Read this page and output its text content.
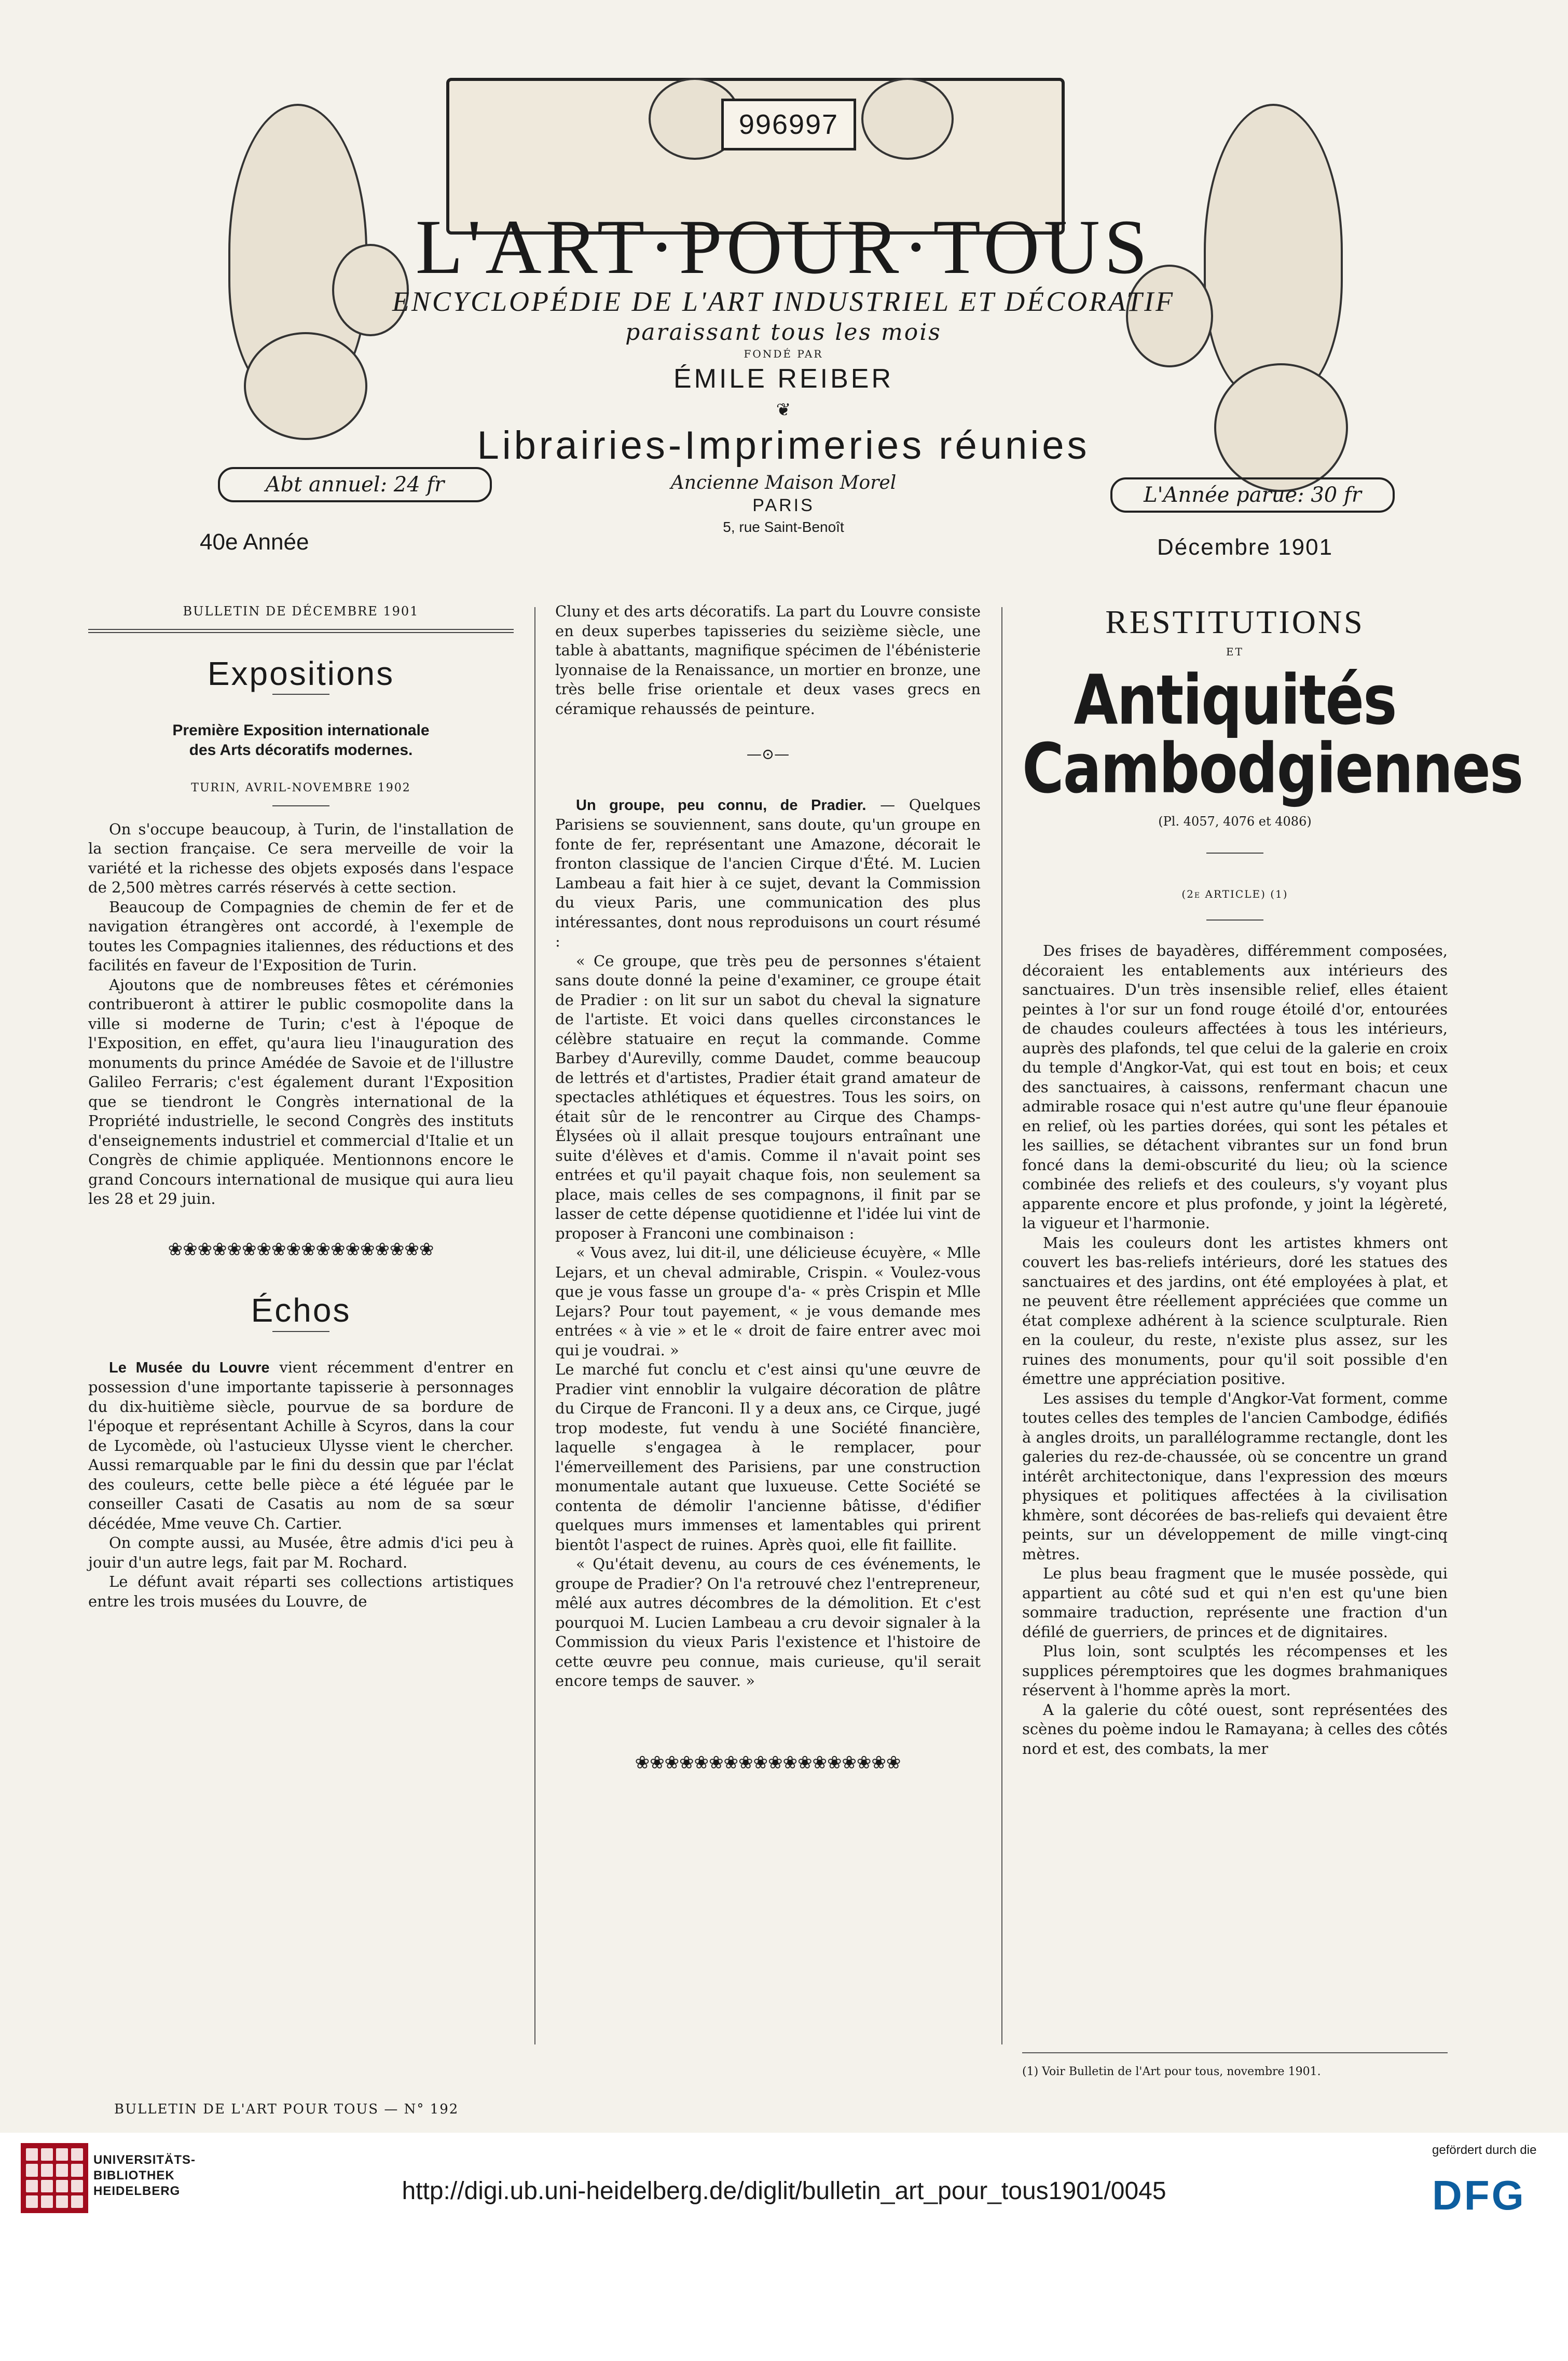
996997
L'ART·POUR·TOUS
ENCYCLOPÉDIE DE L'ART INDUSTRIEL ET DÉCORATIF
paraissant tous les mois
FONDÉ PAR
ÉMILE REIBER
❦
Librairies-Imprimeries réunies
Ancienne Maison Morel
PARIS
5, rue Saint-Benoît
Abt annuel: 24 fr	L'Année parue: 30 fr
40e Année	Décembre 1901

BULLETIN DE DÉCEMBRE 1901

Expositions

Première Exposition internationale

des Arts décoratifs modernes.

TURIN, AVRIL-NOVEMBRE 1902

On s'occupe beaucoup, à Turin, de l'installation de la section française. Ce sera merveille de voir la variété et la richesse des objets exposés dans l'espace de 2,500 mètres carrés réservés à cette section.

Beaucoup de Compagnies de chemin de fer et de navigation étrangères ont accordé, à l'exemple de toutes les Compagnies italiennes, des réductions et des facilités en faveur de l'Exposition de Turin.

Ajoutons que de nombreuses fêtes et cérémonies contribueront à attirer le public cosmopolite dans la ville si moderne de Turin; c'est à l'époque de l'Exposition, en effet, qu'aura lieu l'inauguration des monuments du prince Amédée de Savoie et de l'illustre Galileo Ferraris; c'est également durant l'Exposition que se tiendront le Congrès international de la Propriété industrielle, le second Congrès des instituts d'enseignements industriel et commercial d'Italie et un Congrès de chimie appliquée. Mentionnons encore le grand Concours international de musique qui aura lieu les 28 et 29 juin.

❀❀❀❀❀❀❀❀❀❀❀❀❀❀❀❀❀❀
Échos

Le Musée du Louvre vient récemment d'entrer en possession d'une importante tapisserie à personnages du dix-huitième siècle, pourvue de sa bordure de l'époque et représentant Achille à Scyros, dans la cour de Lycomède, où l'astucieux Ulysse vient le chercher. Aussi remarquable par le fini du dessin que par l'éclat des couleurs, cette belle pièce a été léguée par le conseiller Casati de Casatis au nom de sa sœur décédée, Mme veuve Ch. Cartier.

On compte aussi, au Musée, être admis d'ici peu à jouir d'un autre legs, fait par M. Rochard.

Le défunt avait réparti ses collections artistiques entre les trois musées du Louvre, de

Cluny et des arts décoratifs. La part du Louvre consiste en deux superbes tapisseries du seizième siècle, une table à abattants, magnifique spécimen de l'ébénisterie lyonnaise de la Renaissance, un mortier en bronze, une très belle frise orientale et deux vases grecs en céramique rehaussés de peinture.

—⊙—

Un groupe, peu connu, de Pradier. — Quelques Parisiens se souviennent, sans doute, qu'un groupe en fonte de fer, représentant une Amazone, décorait le fronton classique de l'ancien Cirque d'Été. M. Lucien Lambeau a fait hier à ce sujet, devant la Commission du vieux Paris, une communication des plus intéressantes, dont nous reproduisons un court résumé :

« Ce groupe, que très peu de personnes s'étaient sans doute donné la peine d'examiner, ce groupe était de Pradier : on lit sur un sabot du cheval la signature de l'artiste. Et voici dans quelles circonstances le célèbre statuaire en reçut la commande. Comme Barbey d'Aurevilly, comme Daudet, comme beaucoup de lettrés et d'artistes, Pradier était grand amateur de spectacles athlétiques et équestres. Tous les soirs, on était sûr de le rencontrer au Cirque des Champs-Élysées où il allait presque toujours entraînant une suite d'élèves et d'amis. Comme il n'avait point ses entrées et qu'il payait chaque fois, non seulement sa place, mais celles de ses compagnons, il finit par se lasser de cette dépense quotidienne et l'idée lui vint de proposer à Franconi une combinaison :

« Vous avez, lui dit-il, une délicieuse écuyère, « Mlle Lejars, et un cheval admirable, Crispin. « Voulez-vous que je vous fasse un groupe d'a- « près Crispin et Mlle Lejars? Pour tout payement, « je vous demande mes entrées « à vie » et le « droit de faire entrer avec moi qui je voudrai. »

Le marché fut conclu et c'est ainsi qu'une œuvre de Pradier vint ennoblir la vulgaire décoration de plâtre du Cirque de Franconi. Il y a deux ans, ce Cirque, jugé trop modeste, fut vendu à une Société financière, laquelle s'engagea à le remplacer, pour l'émerveillement des Parisiens, par une construction monumentale autant que luxueuse. Cette Société se contenta de démolir l'ancienne bâtisse, d'édifier quelques murs immenses et lamentables qui prirent bientôt l'aspect de ruines. Après quoi, elle fit faillite.

« Qu'était devenu, au cours de ces événements, le groupe de Pradier? On l'a retrouvé chez l'entrepreneur, mêlé aux autres décombres de la démolition. Et c'est pourquoi M. Lucien Lambeau a cru devoir signaler à la Commission du vieux Paris l'existence et l'histoire de cette œuvre peu connue, mais curieuse, qu'il serait encore temps de sauver. »

❀❀❀❀❀❀❀❀❀❀❀❀❀❀❀❀❀❀
RESTITUTIONS
ET
Antiquités Cambodgiennes

(Pl. 4057, 4076 et 4086)

(2e ARTICLE) (1)

Des frises de bayadères, différemment composées, décoraient les entablements aux intérieurs des sanctuaires. D'un très insensible relief, elles étaient peintes à l'or sur un fond rouge étoilé d'or, entourées de chaudes couleurs affectées à tous les intérieurs, auprès des plafonds, tel que celui de la galerie en croix du temple d'Angkor-Vat, qui est tout en bois; et ceux des sanctuaires, à caissons, renfermant chacun une admirable rosace qui n'est autre qu'une fleur épanouie en relief, où les parties dorées, qui sont les pétales et les saillies, se détachent vibrantes sur un fond brun foncé dans la demi-obscurité du lieu; où la science combinée des reliefs et des couleurs, s'y voyant plus apparente encore et plus profonde, y joint la légèreté, la vigueur et l'harmonie.

Mais les couleurs dont les artistes khmers ont couvert les bas-reliefs intérieurs, doré les statues des sanctuaires et des jardins, ont été employées à plat, et ne peuvent être réellement appréciées que comme un état complexe adhérent à la science sculpturale. Rien en la couleur, du reste, n'existe plus assez, sur les ruines des monuments, pour qu'il soit possible d'en émettre une appréciation positive.

Les assises du temple d'Angkor-Vat forment, comme toutes celles des temples de l'ancien Cambodge, édifiés à angles droits, un parallélogramme rectangle, dont les galeries du rez-de-chaussée, où se concentre un grand intérêt architectonique, dans l'expression des mœurs physiques et politiques affectées à la civilisation khmère, sont décorées de bas-reliefs qui devaient être peints, sur un développement de mille vingt-cinq mètres.

Le plus beau fragment que le musée possède, qui appartient au côté sud et qui n'en est qu'une bien sommaire traduction, représente une fraction d'un défilé de guerriers, de princes et de dignitaires.

Plus loin, sont sculptés les récompenses et les supplices péremptoires que les dogmes brahmaniques réservent à l'homme après la mort.

A la galerie du côté ouest, sont représentées des scènes du poème indou le Ramayana; à celles des côtés nord et est, des combats, la mer

(1) Voir Bulletin de l'Art pour tous, novembre 1901.
BULLETIN DE L'ART POUR TOUS — N° 192
UNIVERSITÄTS-
BIBLIOTHEK
HEIDELBERG	http://digi.ub.uni-heidelberg.de/diglit/bulletin_art_pour_tous1901/0045
gefördert durch die
DFG
